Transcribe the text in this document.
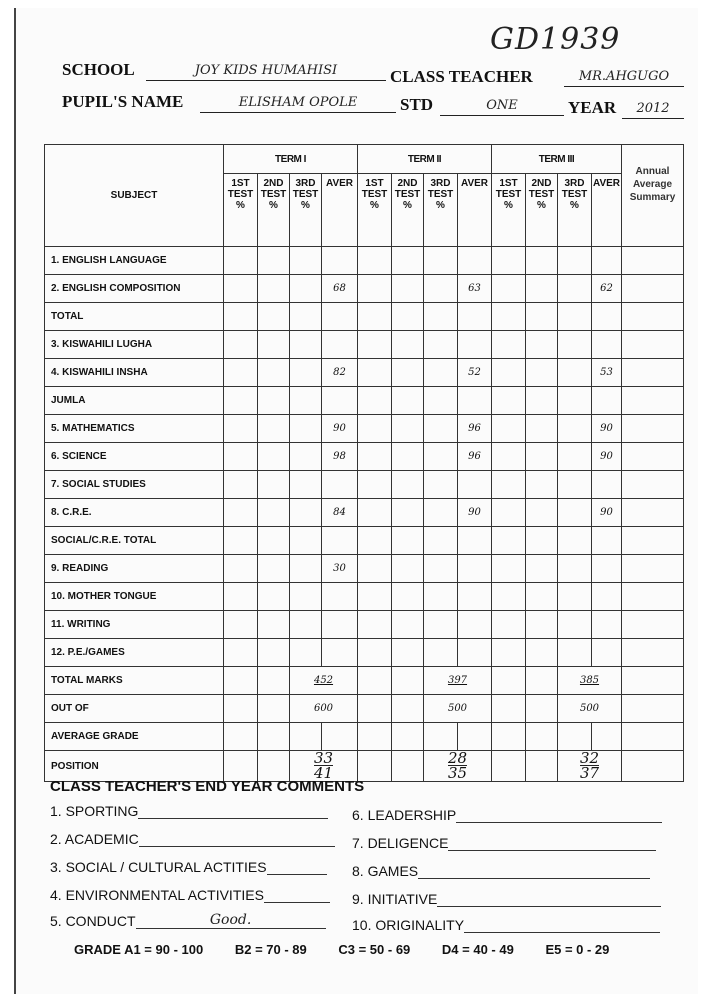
GD1939
SCHOOL	JOY KIDS HUMAHISI	CLASS TEACHER	MR.AHGUGO
PUPIL'S NAME	ELISHAM OPOLE	STD	ONE	YEAR	2012
SUBJECT	TERM I				TERM II				TERM III				Annual Average Summary
	1ST TEST %	2ND TEST %	3RD TEST %	AVER	1ST TEST %	2ND TEST %	3RD TEST %	AVER	1ST TEST %	2ND TEST %	3RD TEST %	AVER	
1. ENGLISH LANGUAGE													
2. ENGLISH COMPOSITION				68				63				62	
TOTAL													
3. KISWAHILI LUGHA													
4. KISWAHILI INSHA				82				52				53	
JUMLA													
5. MATHEMATICS				90				96				90	
6. SCIENCE				98				96				90	
7. SOCIAL STUDIES													
8. C.R.E.				84				90				90	
SOCIAL/C.R.E. TOTAL													
9. READING				30									
10. MOTHER TONGUE													
11. WRITING													
12. P.E./GAMES													
TOTAL MARKS			452				397				385		
OUT OF			600				500				500		
AVERAGE GRADE													
POSITION			$\frac{33}{41}$				$\frac{28}{35}$				$\frac{32}{37}$	
CLASS TEACHER'S END YEAR COMMENTS
1. SPORTING
2. ACADEMIC
3. SOCIAL / CULTURAL ACTITIES
4. ENVIRONMENTAL ACTIVITIES
5. CONDUCT	Good.
6. LEADERSHIP
7. DELIGENCE
8. GAMES
9. INITIATIVE
10. ORIGINALITY
GRADE A1 = 90 - 100 B2 = 70 - 89 C3 = 50 - 69 D4 = 40 - 49 E5 = 0 - 29
